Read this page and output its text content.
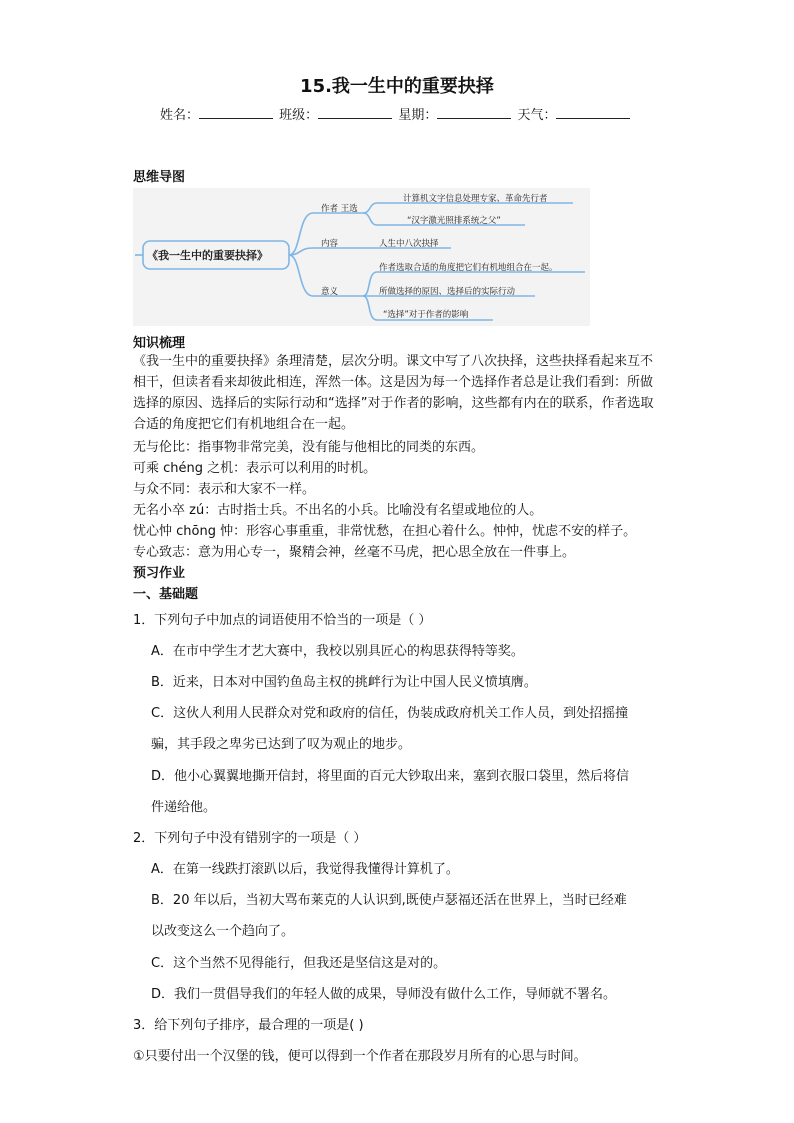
15.我一生中的重要抉择
姓名：	班级：	星期：	天气：
思维导图
《我一生中的重要抉择》
作者 王选
计算机文字信息处理专家、革命先行者
“汉字激光照排系统之父”
内容	人生中八次抉择
意义
作者选取合适的角度把它们有机地组合在一起。
所做选择的原因、选择后的实际行动
“选择”对于作者的影响
知识梳理
《我一生中的重要抉择》条理清楚，层次分明。课文中写了八次抉择，这些抉择看起来互不相干，但读者看来却彼此相连，浑然一体。这是因为每一个选择作者总是让我们看到：所做选择的原因、选择后的实际行动和“选择”对于作者的影响，这些都有内在的联系，作者选取合适的角度把它们有机地组合在一起。
无与伦比：指事物非常完美，没有能与他相比的同类的东西。
可乘 chéng 之机：表示可以利用的时机。
与众不同：表示和大家不一样。
无名小卒 zú：古时指士兵。不出名的小兵。比喻没有名望或地位的人。
忧心忡 chōng 忡：形容心事重重，非常忧愁，在担心着什么。忡忡，忧虑不安的样子。
专心致志：意为用心专一，聚精会神，丝毫不马虎，把心思全放在一件事上。
预习作业
一、基础题
1．下列句子中加点的词语使用不恰当的一项是（ ）
A．在市中学生才艺大赛中，我校以别具匠心的构思获得特等奖。
B．近来，日本对中国钓鱼岛主权的挑衅行为让中国人民义愤填膺。
C．这伙人利用人民群众对党和政府的信任，伪装成政府机关工作人员，到处招摇撞
骗，其手段之卑劣已达到了叹为观止的地步。
D．他小心翼翼地撕开信封，将里面的百元大钞取出来，塞到衣服口袋里，然后将信
件递给他。
2．下列句子中没有错别字的一项是（ ）
A．在第一线跌打滚趴以后，我觉得我懂得计算机了。
B．20 年以后，当初大骂布莱克的人认识到,既使卢瑟福还活在世界上，当时已经难
以改变这么一个趋向了。
C．这个当然不见得能行，但我还是坚信这是对的。
D．我们一贯倡导我们的年轻人做的成果，导师没有做什么工作，导师就不署名。
3．给下列句子排序，最合理的一项是( )
①只要付出一个汉堡的钱，便可以得到一个作者在那段岁月所有的心思与时间。
